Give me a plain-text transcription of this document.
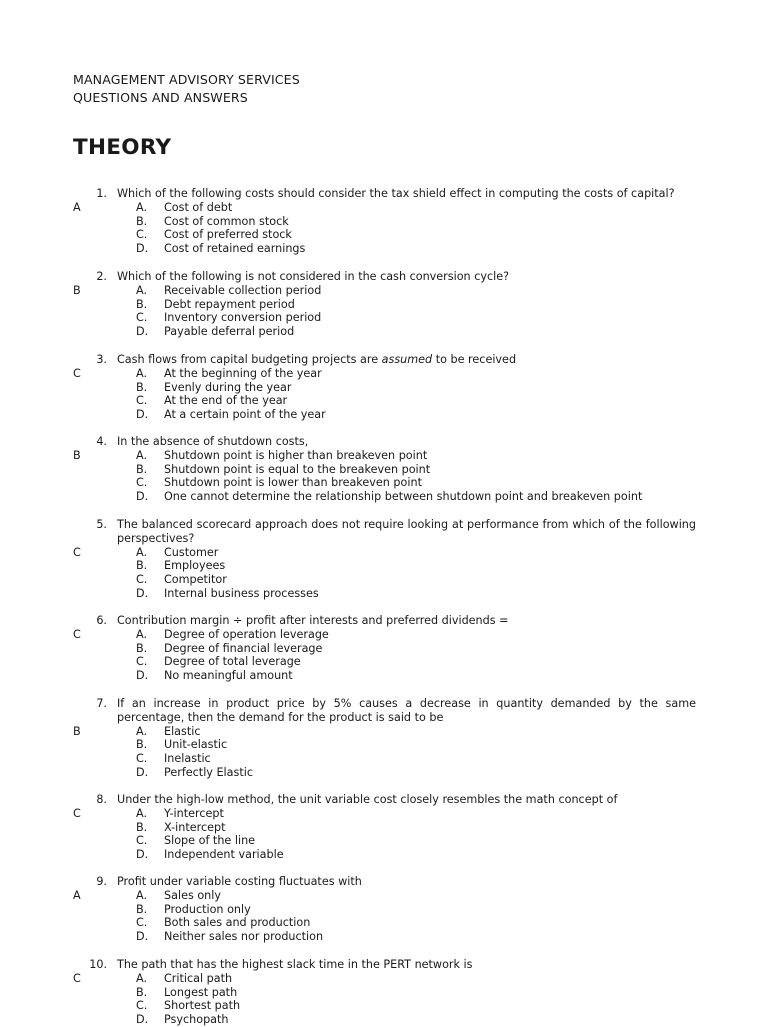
MANAGEMENT ADVISORY SERVICES
QUESTIONS AND ANSWERS
THEORY
1. Which of the following costs should consider the tax shield effect in computing the costs of capital?
A	A. Cost of debt
B. Cost of common stock
C. Cost of preferred stock
D. Cost of retained earnings
2. Which of the following is not considered in the cash conversion cycle?
B	A. Receivable collection period
B. Debt repayment period
C. Inventory conversion period
D. Payable deferral period
3. Cash flows from capital budgeting projects are assumed to be received
C	A. At the beginning of the year
B. Evenly during the year
C. At the end of the year
D. At a certain point of the year
4. In the absence of shutdown costs,
B	A. Shutdown point is higher than breakeven point
B. Shutdown point is equal to the breakeven point
C. Shutdown point is lower than breakeven point
D. One cannot determine the relationship between shutdown point and breakeven point
5. The balanced scorecard approach does not require looking at performance from which of the following perspectives?
C	A. Customer
B. Employees
C. Competitor
D. Internal business processes
6. Contribution margin ÷ profit after interests and preferred dividends =
C	A. Degree of operation leverage
B. Degree of financial leverage
C. Degree of total leverage
D. No meaningful amount
7. If an increase in product price by 5% causes a decrease in quantity demanded by the same percentage, then the demand for the product is said to be
B	A. Elastic
B. Unit-elastic
C. Inelastic
D. Perfectly Elastic
8. Under the high-low method, the unit variable cost closely resembles the math concept of
C	A. Y-intercept
B. X-intercept
C. Slope of the line
D. Independent variable
9. Profit under variable costing fluctuates with
A	A. Sales only
B. Production only
C. Both sales and production
D. Neither sales nor production
10. The path that has the highest slack time in the PERT network is
C	A. Critical path
B. Longest path
C. Shortest path
D. Psychopath
